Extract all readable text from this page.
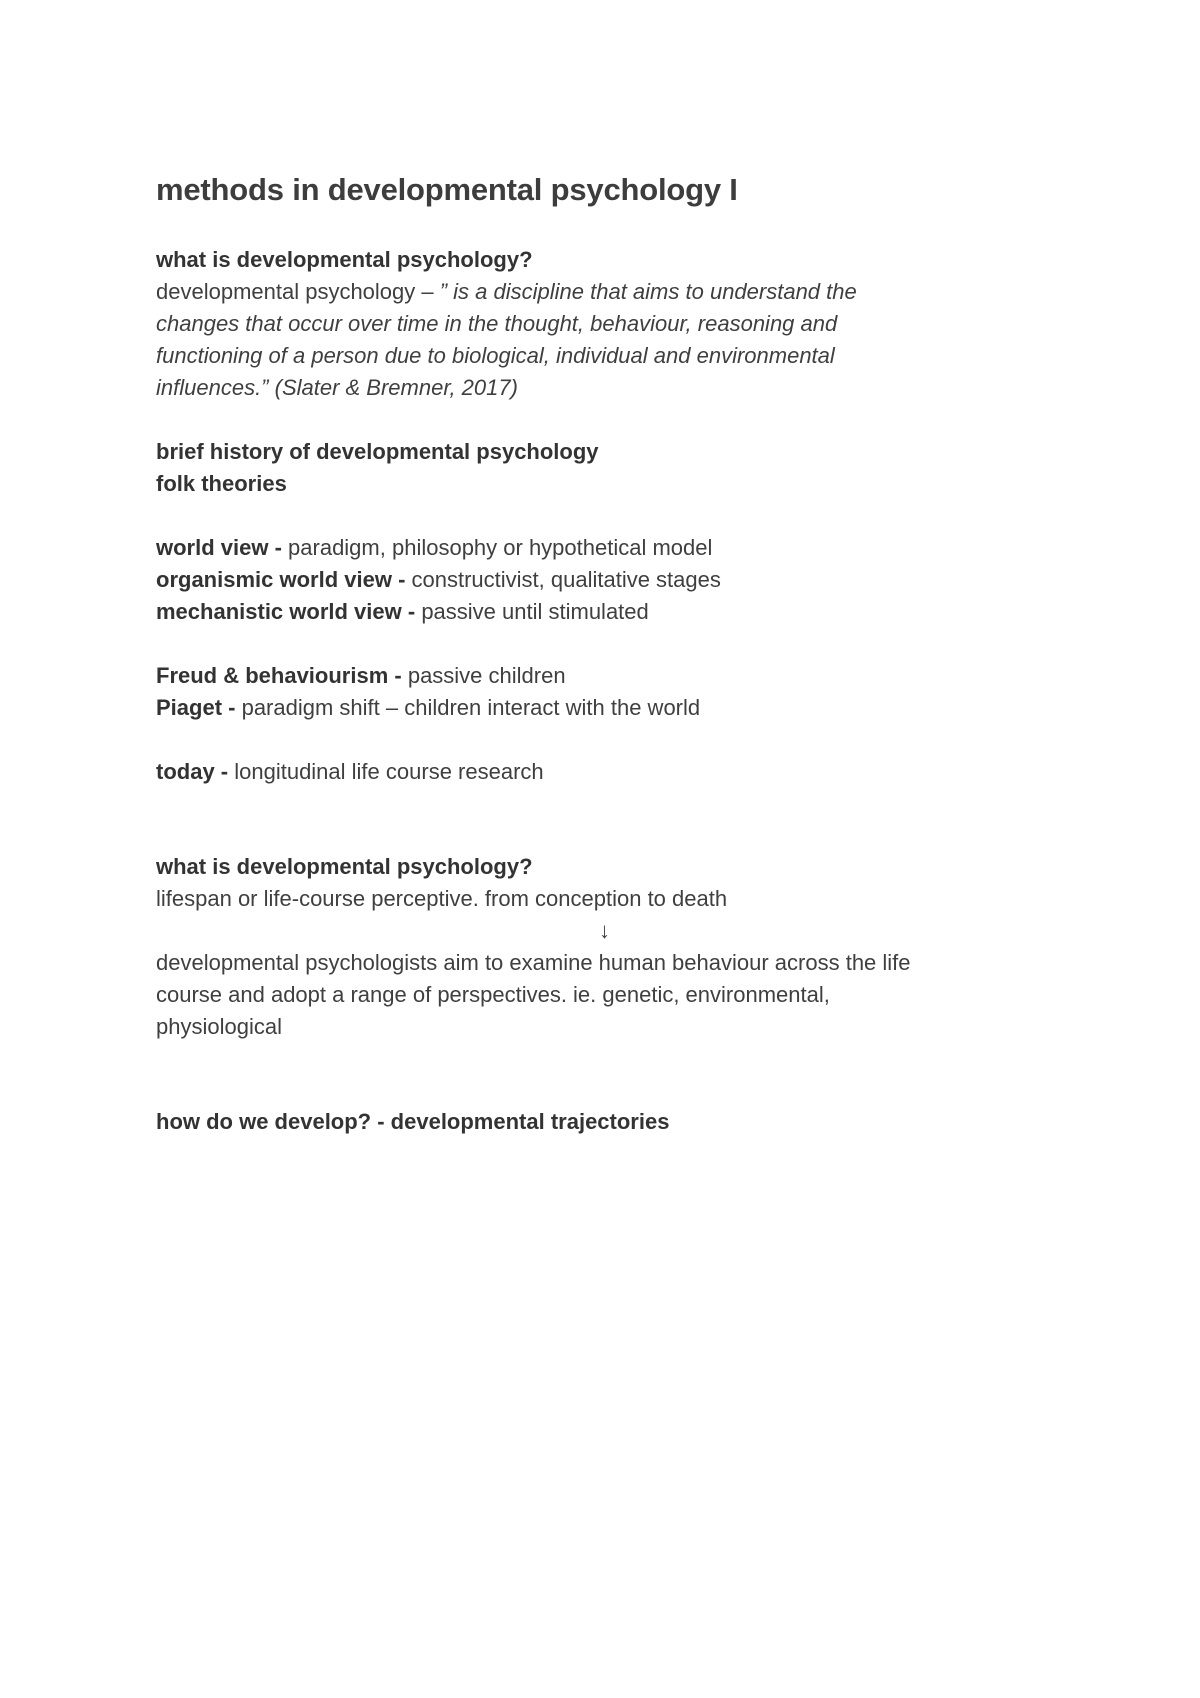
methods in developmental psychology I
what is developmental psychology?
developmental psychology – ” is a discipline that aims to understand the
changes that occur over time in the thought, behaviour, reasoning and
functioning of a person due to biological, individual and environmental
influences.” (Slater & Bremner, 2017)
brief history of developmental psychology
folk theories
world view - paradigm, philosophy or hypothetical model
organismic world view - constructivist, qualitative stages
mechanistic world view - passive until stimulated
Freud & behaviourism - passive children
Piaget - paradigm shift – children interact with the world
today - longitudinal life course research
what is developmental psychology?
lifespan or life-course perceptive. from conception to death
↓
developmental psychologists aim to examine human behaviour across the life
course and adopt a range of perspectives. ie. genetic, environmental,
physiological
how do we develop? - developmental trajectories
